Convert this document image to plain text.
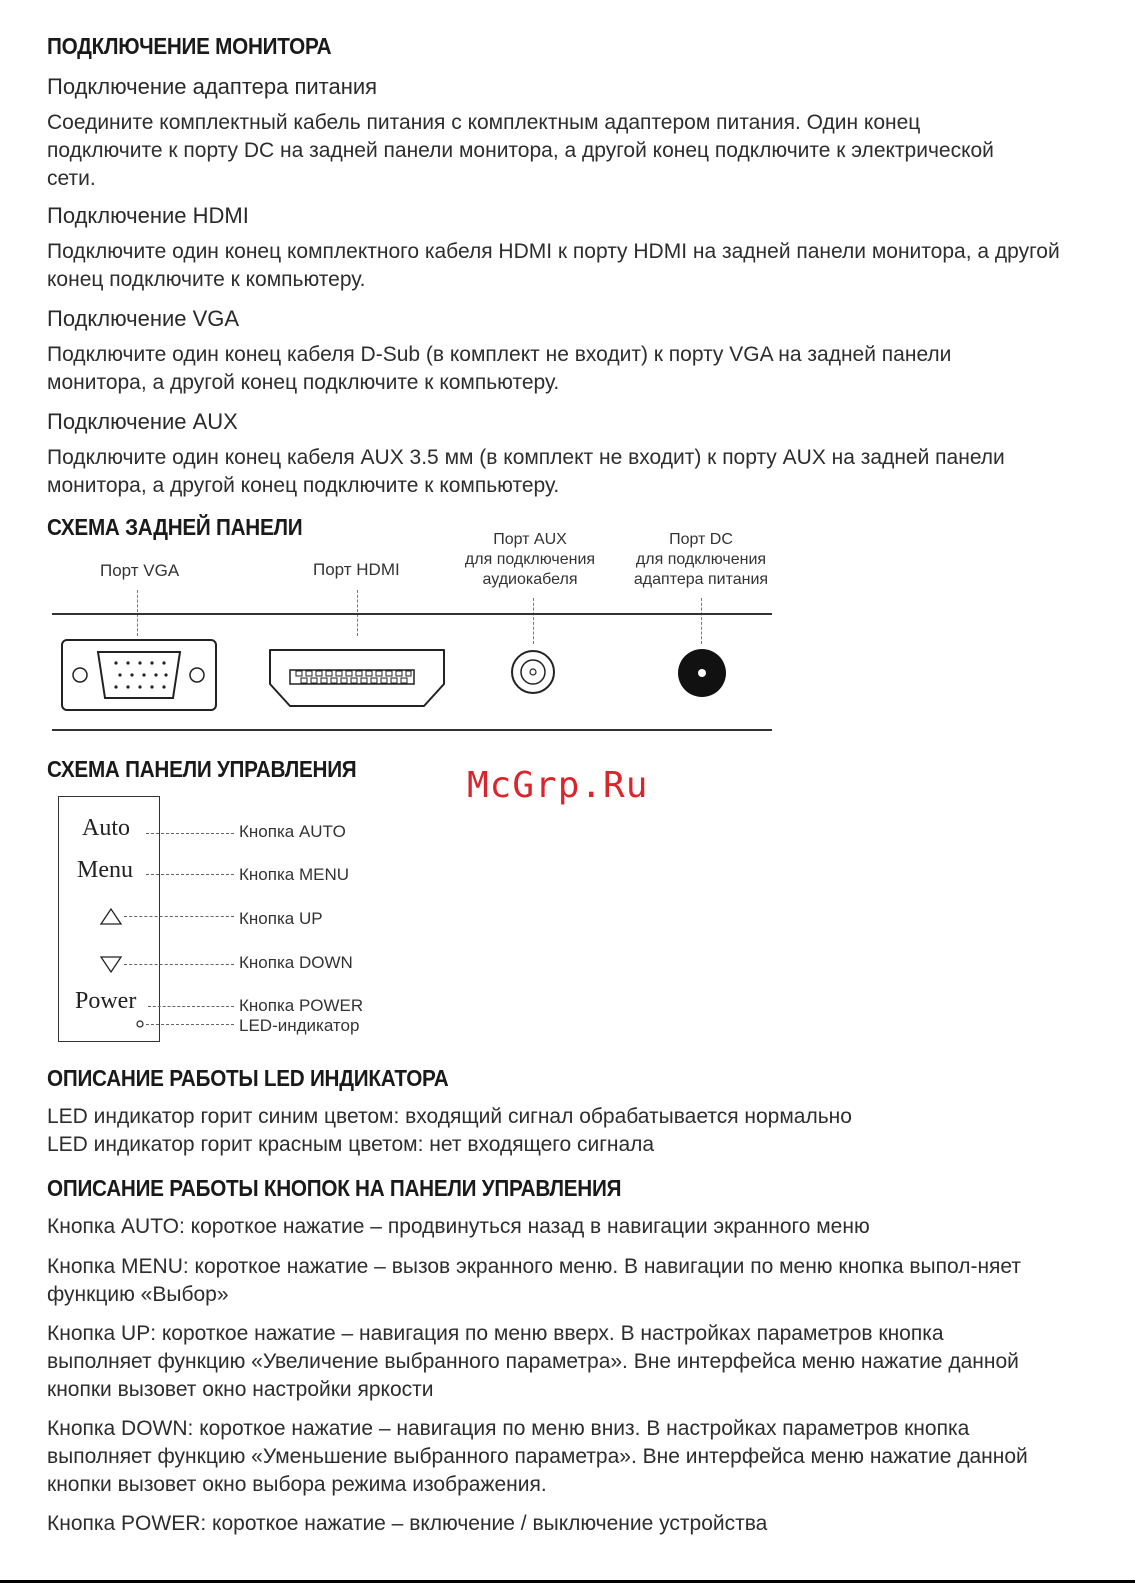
ПОДКЛЮЧЕНИЕ МОНИТОРА
Подключение адаптера питания

Соедините комплектный кабель питания с комплектным адаптером питания. Один конец подключите к порту DC на задней панели монитора, а другой конец подключите к электрической сети.

Подключение HDMI

Подключите один конец комплектного кабеля HDMI к порту HDMI на задней панели монитора, а другой конец подключите к компьютеру.

Подключение VGA

Подключите один конец кабеля D-Sub (в комплект не входит) к порту VGA на задней панели монитора, а другой конец подключите к компьютеру.

Подключение AUX

Подключите один конец кабеля AUX 3.5 мм (в комплект не входит) к порту AUX на задней панели монитора, а другой конец подключите к компьютеру.

СХЕМА ЗАДНЕЙ ПАНЕЛИ
Порт VGA	Порт HDMI
Порт AUX
для подключения
аудиокабеля
Порт DC
для подключения
адаптера питания
СХЕМА ПАНЕЛИ УПРАВЛЕНИЯ	McGrp.Ru
Auto
Menu
Power
Кнопка AUTO
Кнопка MENU
Кнопка UP
Кнопка DOWN
Кнопка POWER
LED-индикатор
ОПИСАНИЕ РАБОТЫ LED ИНДИКАТОРА
LED индикатор горит синим цветом: входящий сигнал обрабатывается нормально
LED индикатор горит красным цветом: нет входящего сигнала
ОПИСАНИЕ РАБОТЫ КНОПОК НА ПАНЕЛИ УПРАВЛЕНИЯ

Кнопка AUTO: короткое нажатие – продвинуться назад в навигации экранного меню

Кнопка MENU: короткое нажатие – вызов экранного меню. В навигации по меню кнопка выпол-няет функцию «Выбор»

Кнопка UP: короткое нажатие – навигация по меню вверх. В настройках параметров кнопка выполняет функцию «Увеличение выбранного параметра». Вне интерфейса меню нажатие данной кнопки вызовет окно настройки яркости

Кнопка DOWN: короткое нажатие – навигация по меню вниз. В настройках параметров кнопка выполняет функцию «Уменьшение выбранного параметра». Вне интерфейса меню нажатие данной кнопки вызовет окно выбора режима изображения.

Кнопка POWER: короткое нажатие – включение / выключение устройства
